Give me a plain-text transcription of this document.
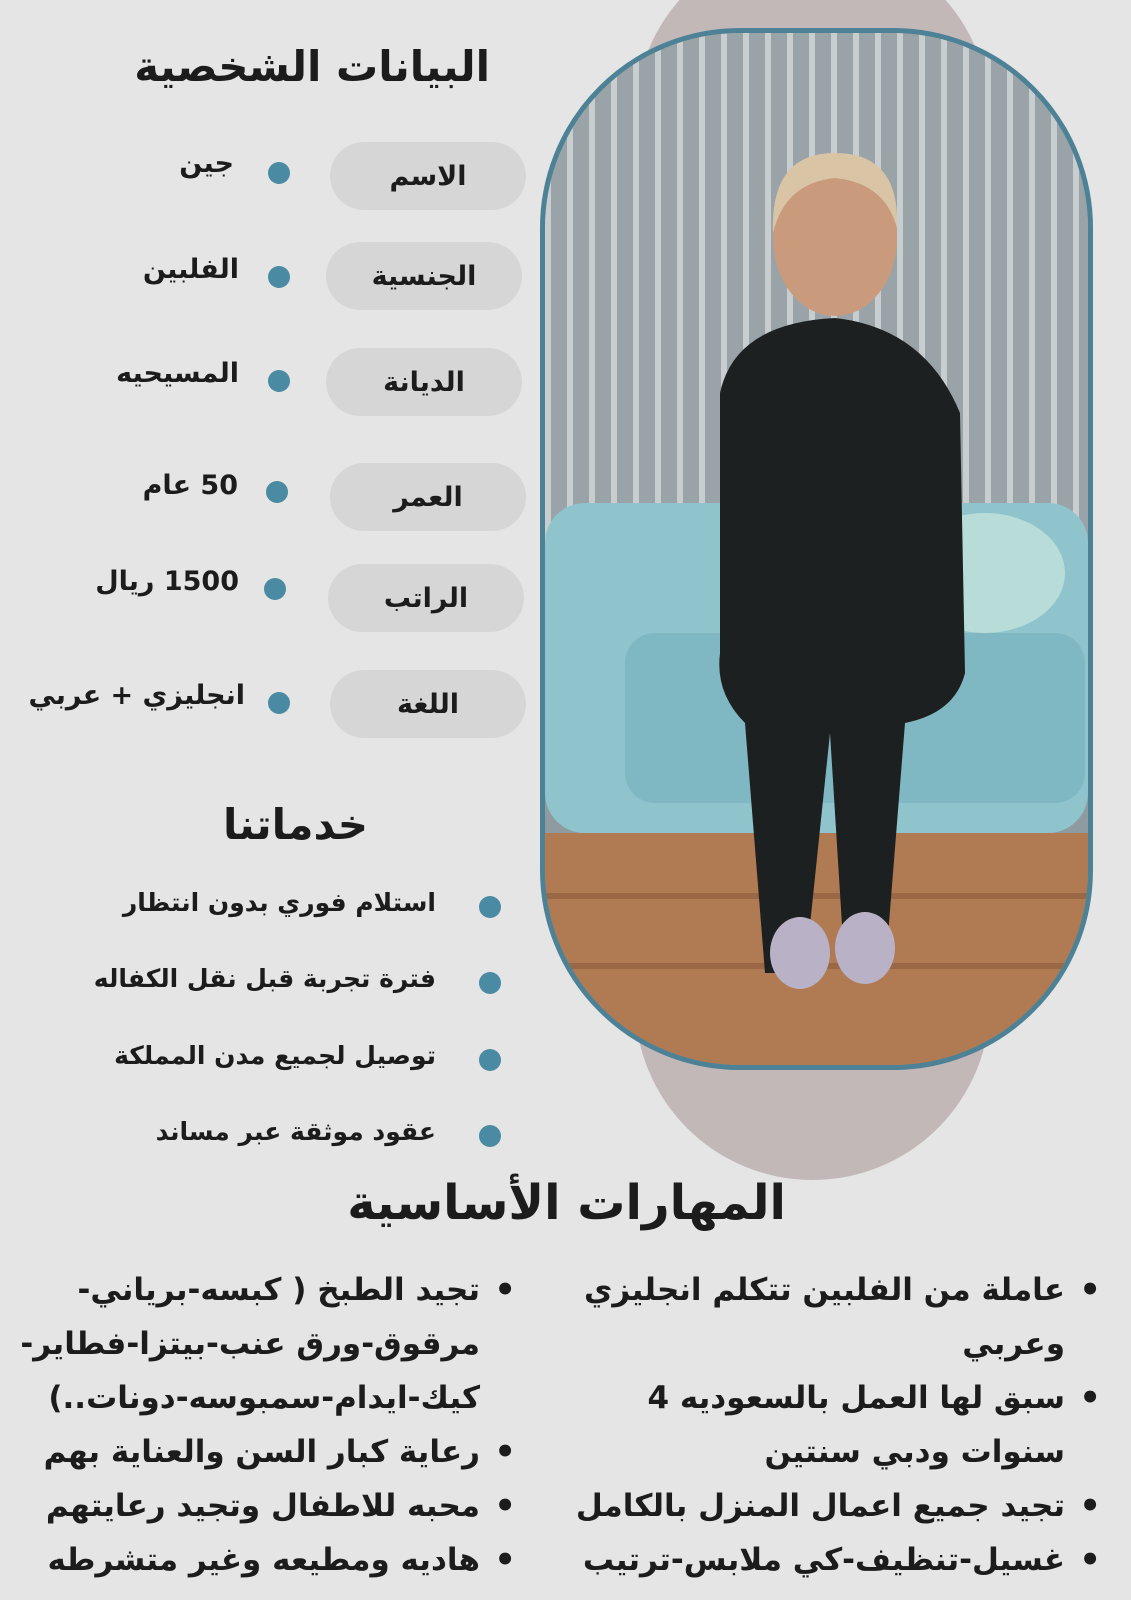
البيانات الشخصية
الاسم
جين
الجنسية
الفلبين
الديانة
المسيحيه
العمر
50 عام
الراتب
1500 ريال
اللغة
انجليزي + عربي
خدماتنا
استلام فوري بدون انتظار
فترة تجربة قبل نقل الكفاله
توصيل لجميع مدن المملكة
عقود موثقة عبر مساند
المهارات الأساسية
• عاملة من الفلبين تتكلم انجليزي وعربي
• سبق لها العمل بالسعوديه 4 سنوات ودبي سنتين
• تجيد جميع اعمال المنزل بالكامل
• غسيل-تنظيف-كي ملابس-ترتيب
• تجيد الطبخ ( كبسه-برياني-مرقوق-ورق عنب-بيتزا-فطاير-كيك-ايدام-سمبوسه-دونات..)
• رعاية كبار السن والعناية بهم
• محبه للاطفال وتجيد رعايتهم
• هاديه ومطيعه وغير متشرطه
